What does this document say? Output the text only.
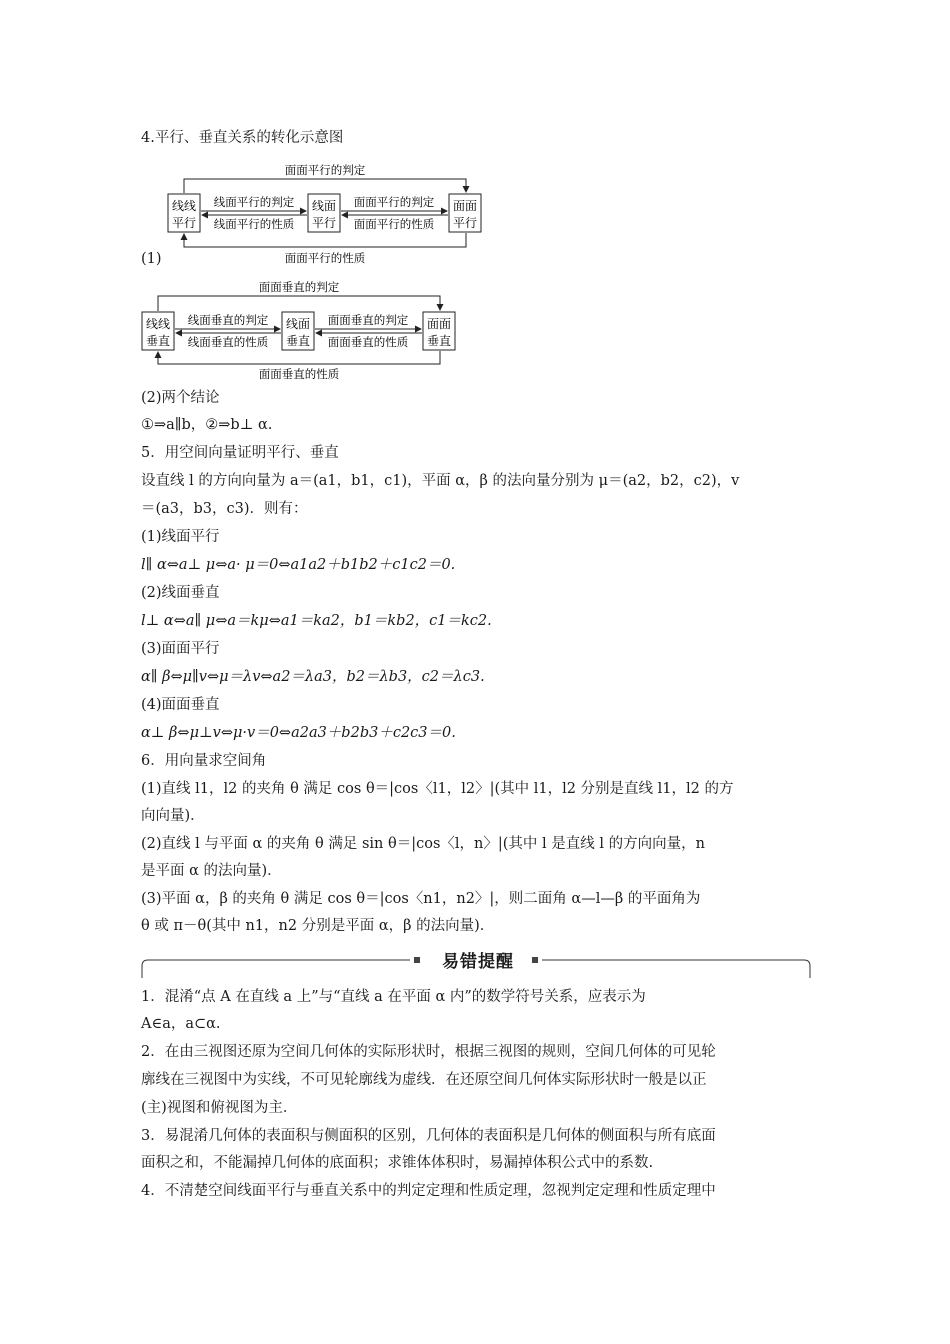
4.平行、垂直关系的转化示意图
面面平行的判定
线线
平行
线面
平行
面面
平行
线面平行的判定
线面平行的性质
面面平行的判定
面面平行的性质
面面平行的性质
(1)
面面垂直的判定
线线
垂直
线面
垂直
面面
垂直
线面垂直的判定
线面垂直的性质
面面垂直的判定
面面垂直的性质
面面垂直的性质
(2)两个结论
①⇒a∥b，②⇒b⊥ α.
5．用空间向量证明平行、垂直
设直线 l 的方向向量为 a＝(a1，b1，c1)，平面 α，β 的法向量分别为 μ＝(a2，b2，c2)，v
＝(a3，b3，c3)．则有：
(1)线面平行
l∥ α⇔a⊥ μ⇔a· μ＝0⇔a1a2＋b1b2＋c1c2＝0.
(2)线面垂直
l⊥ α⇔a∥ μ⇔a＝kμ⇔a1＝ka2，b1＝kb2，c1＝kc2.
(3)面面平行
α∥ β⇔μ∥v⇔μ＝λv⇔a2＝λa3，b2＝λb3，c2＝λc3.
(4)面面垂直
α⊥ β⇔μ⊥v⇔μ·v＝0⇔a2a3＋b2b3＋c2c3＝0.
6．用向量求空间角
(1)直线 l1，l2 的夹角 θ 满足 cos θ＝|cos〈l1，l2〉|(其中 l1，l2 分别是直线 l1，l2 的方
向向量)．
(2)直线 l 与平面 α 的夹角 θ 满足 sin θ＝|cos〈l，n〉|(其中 l 是直线 l 的方向向量，n
是平面 α 的法向量)．
(3)平面 α，β 的夹角 θ 满足 cos θ＝|cos〈n1，n2〉|，则二面角 α—l—β 的平面角为
θ 或 π－θ(其中 n1，n2 分别是平面 α，β 的法向量)．
易错提醒
1．混淆“点 A 在直线 a 上”与“直线 a 在平面 α 内”的数学符号关系，应表示为
A∈a，a⊂α.
2．在由三视图还原为空间几何体的实际形状时，根据三视图的规则，空间几何体的可见轮
廓线在三视图中为实线，不可见轮廓线为虚线．在还原空间几何体实际形状时一般是以正
(主)视图和俯视图为主．
3．易混淆几何体的表面积与侧面积的区别，几何体的表面积是几何体的侧面积与所有底面
面积之和，不能漏掉几何体的底面积；求锥体体积时，易漏掉体积公式中的系数.
4．不清楚空间线面平行与垂直关系中的判定定理和性质定理，忽视判定定理和性质定理中
